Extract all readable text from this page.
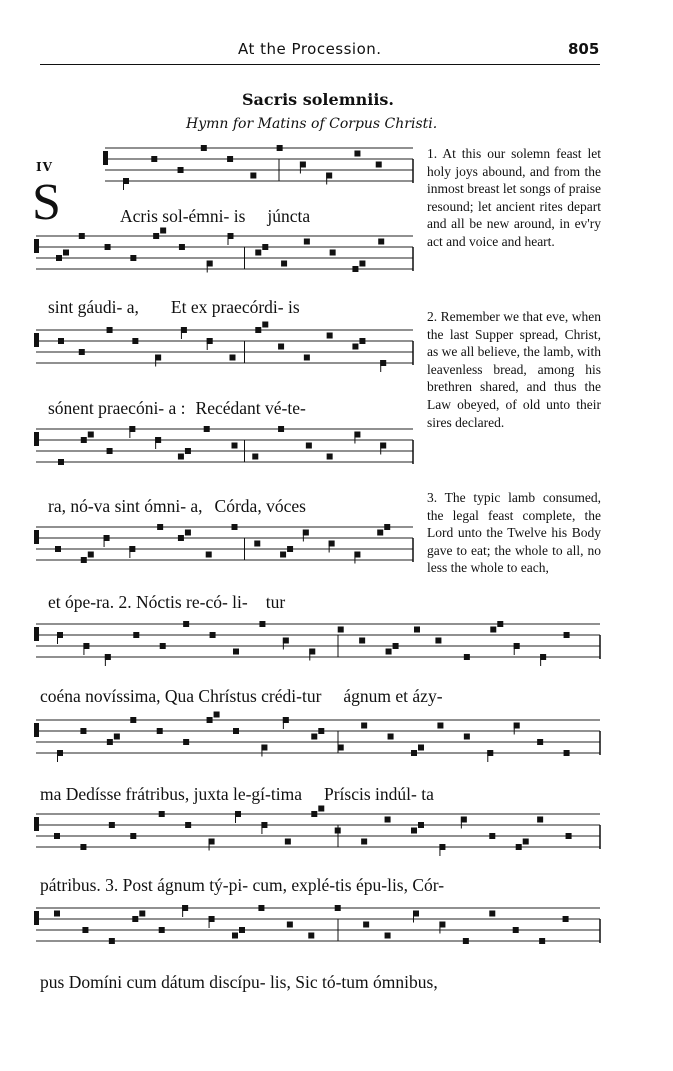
At the Procession.	805
Sacris solemniis.
Hymn for Matins of Corpus Christi.
IV
S	Acris sol-émni- is júncta
sint gáudi- a, Et ex praecórdi- is
sónent praecóni- a : Recédant vé-te-
ra, nó-va sint ómni- a, Córda, vóces
et ópe-ra. 2. Nóctis re-có- li- tur
coéna novíssima, Qua Chrístus crédi-tur ágnum et ázy-
ma Dedísse frátribus, juxta le-gí-tima Príscis indúl- ta
pátribus. 3. Post ágnum tý-pi- cum, explé-tis épu-lis, Cór-
pus Domíni cum dátum discípu- lis, Sic tó-tum ómnibus,
1. At this our solemn feast let holy joys abound, and from the inmost breast let songs of praise resound; let ancient rites depart and all be new around, in ev'ry act and voice and heart.
2. Remember we that eve, when the last Supper spread, Christ, as we all believe, the lamb, with leavenless bread, among his brethren shared, and thus the Law obeyed, of old unto their sires declared.
3. The typic lamb consumed, the legal feast complete, the Lord unto the Twelve his Body gave to eat; the whole to all, no less the whole to each,
